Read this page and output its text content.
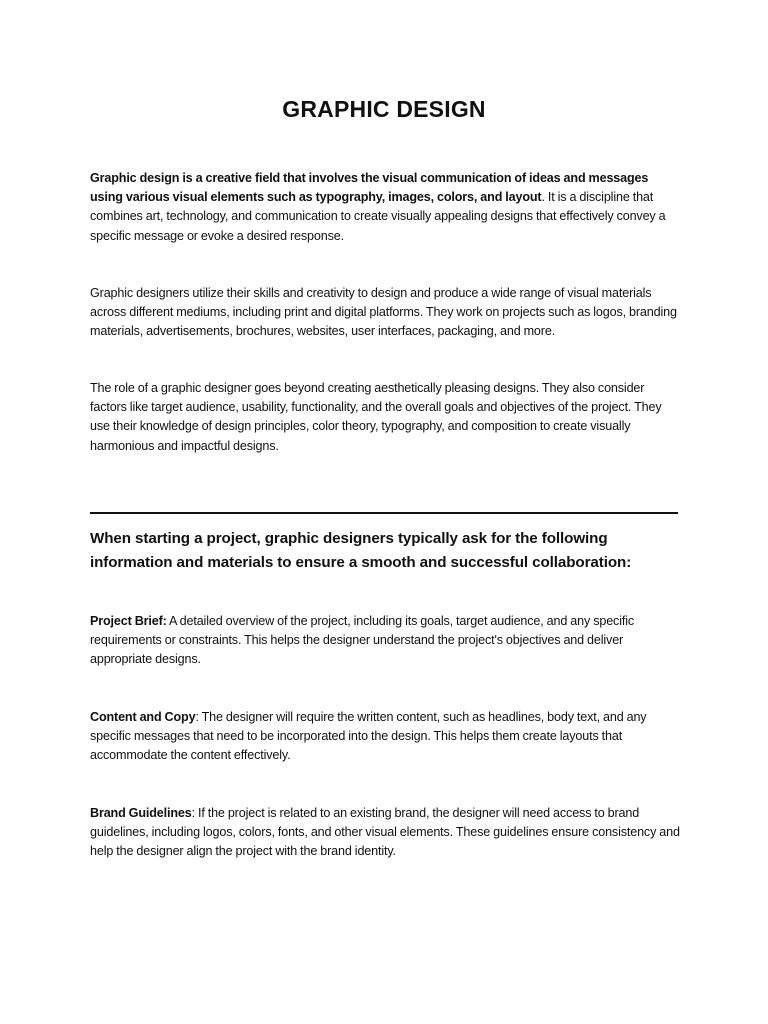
GRAPHIC DESIGN

Graphic design is a creative field that involves the visual communication of ideas and messages using various visual elements such as typography, images, colors, and layout. It is a discipline that combines art, technology, and communication to create visually appealing designs that effectively convey a specific message or evoke a desired response.

Graphic designers utilize their skills and creativity to design and produce a wide range of visual materials across different mediums, including print and digital platforms. They work on projects such as logos, branding materials, advertisements, brochures, websites, user interfaces, packaging, and more.

The role of a graphic designer goes beyond creating aesthetically pleasing designs. They also consider factors like target audience, usability, functionality, and the overall goals and objectives of the project. They use their knowledge of design principles, color theory, typography, and composition to create visually harmonious and impactful designs.

When starting a project, graphic designers typically ask for the following information and materials to ensure a smooth and successful collaboration:

Project Brief: A detailed overview of the project, including its goals, target audience, and any specific requirements or constraints. This helps the designer understand the project's objectives and deliver appropriate designs.

Content and Copy: The designer will require the written content, such as headlines, body text, and any specific messages that need to be incorporated into the design. This helps them create layouts that accommodate the content effectively.

Brand Guidelines: If the project is related to an existing brand, the designer will need access to brand guidelines, including logos, colors, fonts, and other visual elements. These guidelines ensure consistency and help the designer align the project with the brand identity.
